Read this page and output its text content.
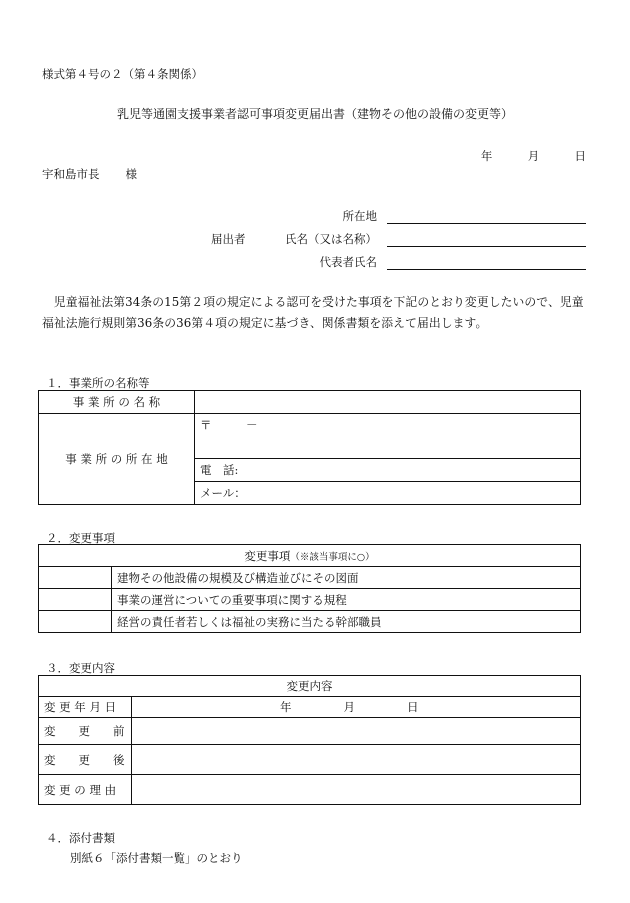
様式第４号の２（第４条関係）
乳児等通園支援事業者認可事項変更届出書（建物その他の設備の変更等）
年	月	日
宇和島市長 様
届出者
所在地
氏名（又は名称）
代表者氏名
児童福祉法第34条の15第２項の規定による認可を受けた事項を下記のとおり変更したいので、児童福祉法施行規則第36条の36第４項の規定に基づき、関係書類を添えて届出します。
１．事業所の名称等
事 業 所 の 名 称	
事 業 所 の 所 在 地	〒　　　－
	電　話:
	メール：
２．変更事項
変更事項（※該当事項に○）	
	建物その他設備の規模及び構造並びにその図面
	事業の運営についての重要事項に関する規程
	経営の責任者若しくは福祉の実務に当たる幹部職員
３．変更内容
変更内容	
変 更 年 月 日	年 月 日

変　　更　　前	
変　　更　　後	
変 更 の 理 由	
４．添付書類
別紙６「添付書類一覧」のとおり
